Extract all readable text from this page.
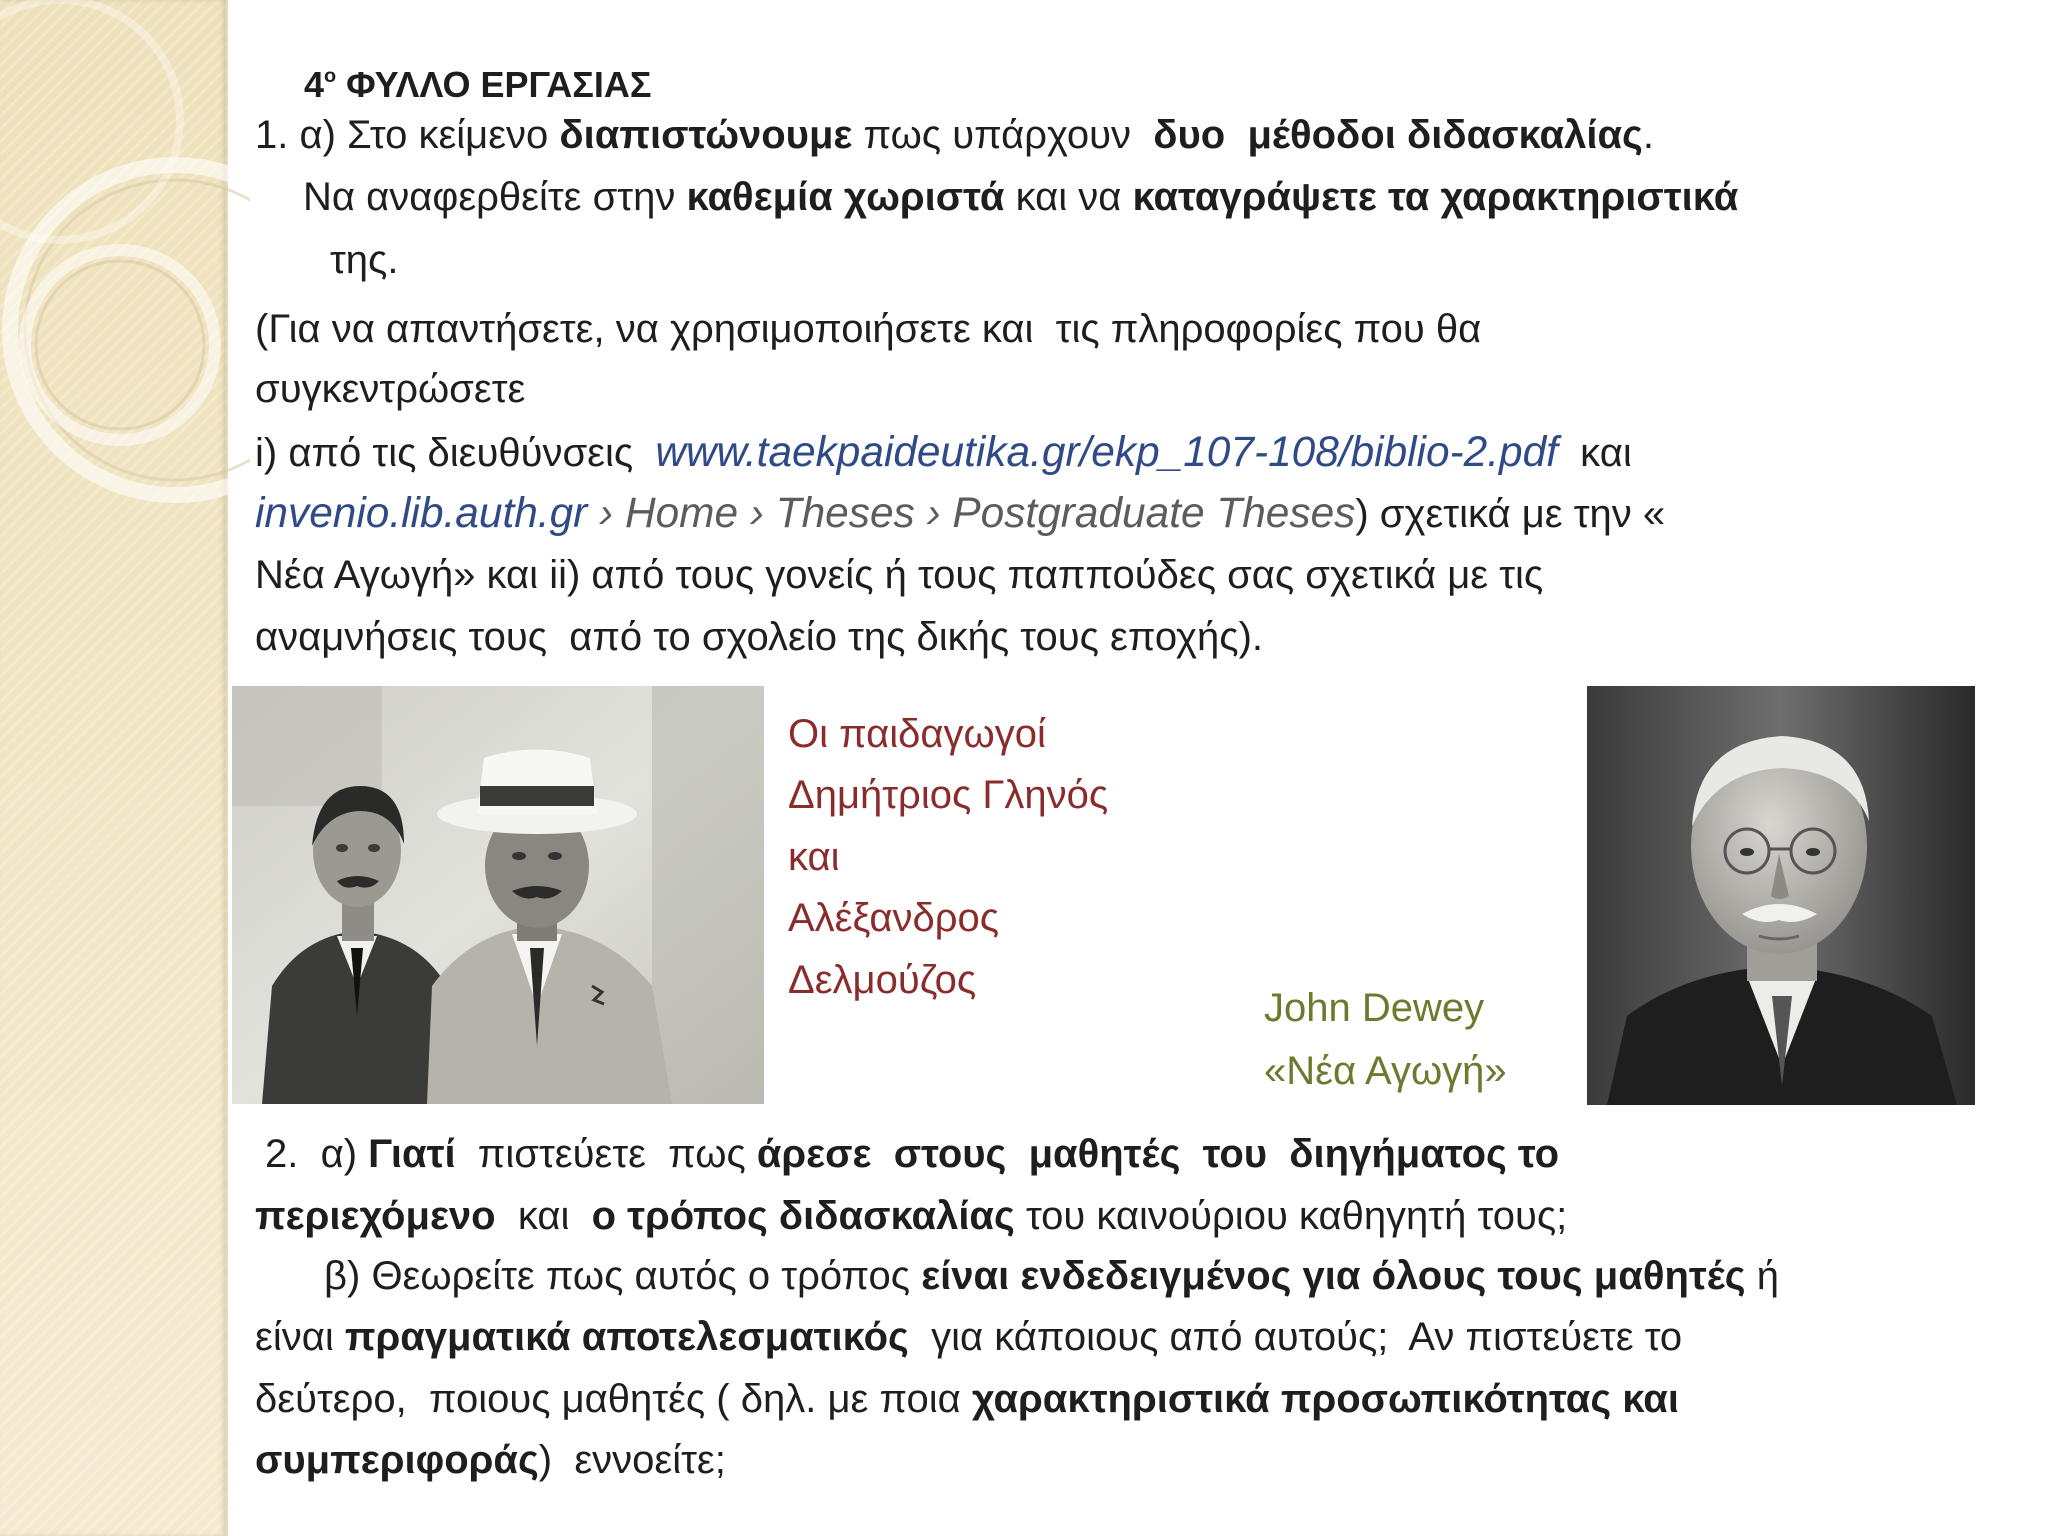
$4^o$ ΦΥΛΛΟ ΕΡΓΑΣΙΑΣ
1. α) Στο κείμενο διαπιστώνουμε πως υπάρχουν  δυο  μέθοδοι διδασκαλίας.
Να αναφερθείτε στην καθεμία χωριστά και να καταγράψετε τα χαρακτηριστικά
της.
(Για να απαντήσετε, να χρησιμοποιήσετε και  τις πληροφορίες που θα
συγκεντρώσετε
i) από τις διευθύνσεις  www.taekpaideutika.gr/ekp_107-108/biblio-2.pdf  και
invenio.lib.auth.gr › Home › Theses › Postgraduate Theses) σχετικά με την «
Νέα Αγωγή» και ii) από τους γονείς ή τους παππούδες σας σχετικά με τις
αναμνήσεις τους  από το σχολείο της δικής τους εποχής).
Οι παιδαγωγοί
Δημήτριος Γληνός
και
Αλέξανδρος
Δελμούζος
John Dewey
«Νέα Αγωγή»
2.  α) Γιατί  πιστεύετε  πως άρεσε  στους  μαθητές  του  διηγήματος το
περιεχόμενο  και  ο τρόπος διδασκαλίας του καινούριου καθηγητή τους;
β) Θεωρείτε πως αυτός ο τρόπος είναι ενδεδειγμένος για όλους τους μαθητές ή
είναι πραγματικά αποτελεσματικός  για κάποιους από αυτούς;  Αν πιστεύετε το
δεύτερο,  ποιους μαθητές ( δηλ. με ποια χαρακτηριστικά προσωπικότητας και
συμπεριφοράς)  εννοείτε;
